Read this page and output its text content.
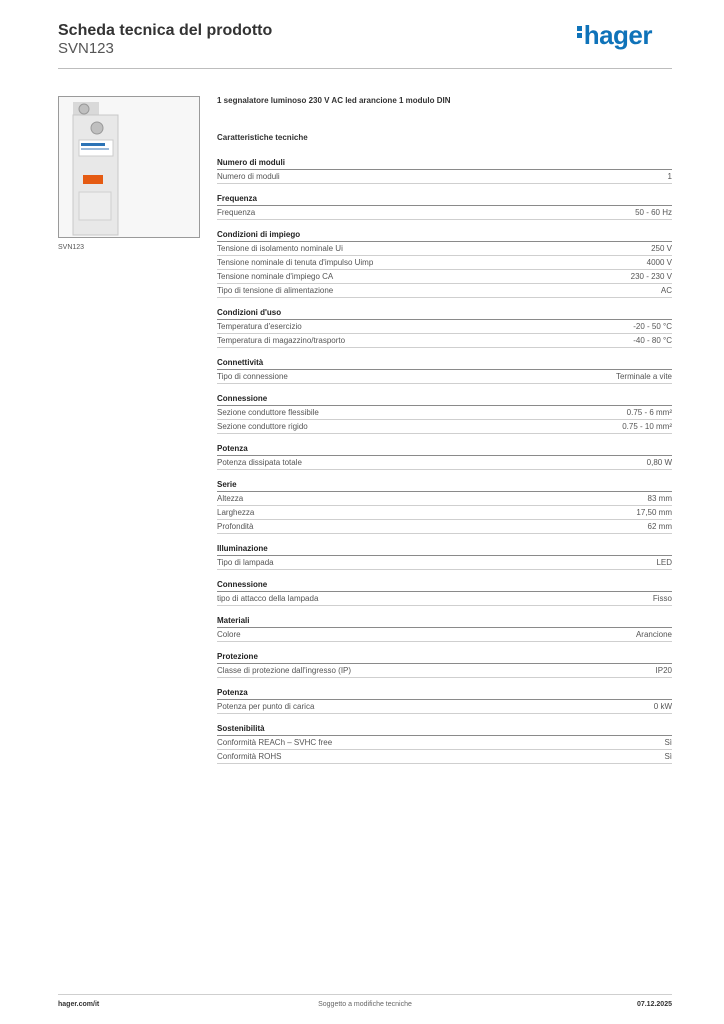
Scheda tecnica del prodotto
SVN123	hager
SVN123
1 segnalatore luminoso 230 V AC led arancione 1 modulo DIN
Caratteristiche tecniche
Numero di moduli
Numero di moduli	1
Frequenza
Frequenza	50 - 60 Hz
Condizioni di impiego
Tensione di isolamento nominale Ui	250 V
Tensione nominale di tenuta d'impulso Uimp	4000 V
Tensione nominale d'impiego CA	230 - 230 V
Tipo di tensione di alimentazione	AC
Condizioni d'uso
Temperatura d'esercizio	-20 - 50 °C
Temperatura di magazzino/trasporto	-40 - 80 °C
Connettività
Tipo di connessione	Terminale a vite
Connessione
Sezione conduttore flessibile	0.75 - 6 mm²
Sezione conduttore rigido	0.75 - 10 mm²
Potenza
Potenza dissipata totale	0,80 W
Serie
Altezza	83 mm
Larghezza	17,50 mm
Profondità	62 mm
Illuminazione
Tipo di lampada	LED
Connessione
tipo di attacco della lampada	Fisso
Materiali
Colore	Arancione
Protezione
Classe di protezione dall'ingresso (IP)	IP20
Potenza
Potenza per punto di carica	0 kW
Sostenibilità
Conformità REACh – SVHC free	Sì
Conformità ROHS	Sì
hager.com/it	Soggetto a modifiche tecniche	07.12.2025
